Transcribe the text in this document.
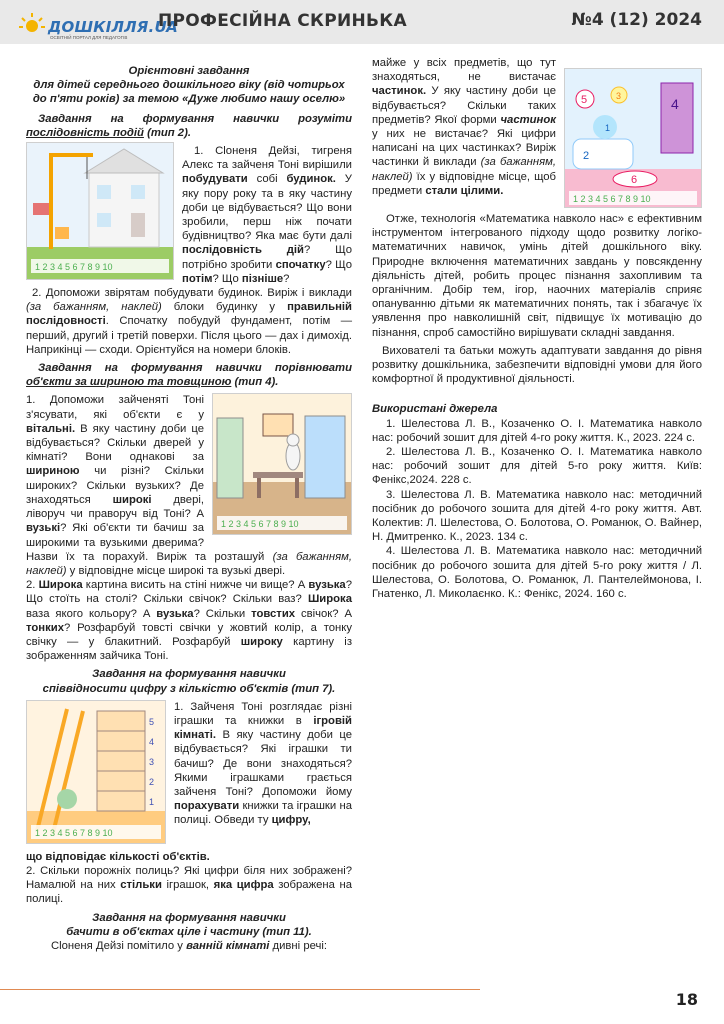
ДОШКІЛЛЯ.UA
ОСВІТНІЙ ПОРТАЛ ДЛЯ ПЕДАГОГІВ
ПРОФЕСІЙНА СКРИНЬКА	№4 (12) 2024
Орієнтовні завдання
для дітей середнього дошкільного віку (від чотирьох
до п'яти років) за темою «Дуже любимо нашу оселю»
Завдання на формування навички розуміти послідовність подій (тип 2).
1 2 3 4 5 6 7 8 9 10

1. Сloнeня Дейзі, тигреня Алекс та зайченя Тоні вирішили побудувати собі будинок. У яку пору року та в яку частину доби це відбувається? Що вони зробили, перш ніж почати будівництво? Яка має бути далі послідовність дій? Що потрібно зробити спочатку? Що потім? Що пізніше?

2. Допоможи звірятам побудувати будинок. Виріж і виклади (за бажанням, наклей) блоки будинку у правильній послідовності. Спочатку побудуй фундамент, потім — перший, другий і третій поверхи. Після цього — дах і димохід. Наприкінці — сходи. Орієнтуйся на номери блоків.

Завдання на формування навички порівнювати об'єкти за шириною та товщиною (тип 4).
1 2 3 4 5 6 7 8 9 10

1. Допоможи зайченяті Тоні з'ясувати, які об'єкти є у вітальні. В яку частину доби це відбувається? Скільки дверей у кімнаті? Вони однакові за шириною чи різні? Скільки широких? Скільки вузьких? Де знаходяться широкі двері, ліворуч чи праворуч від Тоні? А вузькі? Які об'єкти ти бачиш за широкими та вузькими дверима? Назви їх та порахуй. Виріж та розташуй (за бажанням, наклей) у відповідне місце широкі та вузькі двері.

2. Широка картина висить на стіні нижче чи вище? А вузька? Що стоїть на столі? Скільки свічок? Скільки ваз? Широка ваза якого кольору? А вузька? Скільки товстих свічок? А тонких? Розфарбуй товсті свічки у жовтий колір, а тонку свічку — у блакитний. Розфарбуй широку картину із зображенням зайчика Тоні.

Завдання на формування навички
співвідносити цифру з кількістю об'єктів (тип 7).
5
4
3
2
1
1 2 3 4 5 6 7 8 9 10

1. Зайченя Тоні розглядає різні іграшки та книжки в ігровій кімнаті. В яку частину доби це відбувається? Які іграшки ти бачиш? Де вони знаходяться? Якими іграшками грається зайченя Тоні? Допоможи йому порахувати книжки та іграшки на полиці. Обведи ту цифру,

що відповідає кількості об'єктів.

2. Скільки порожніх полиць? Які цифри біля них зображені? Намалюй на них стільки іграшок, яка цифра зображена на полиці.

Завдання на формування навички
бачити в об'єктах ціле і частину (тип 11).

Сloнeня Дейзі помітило у ванній кімнаті дивні речі:

5	3	4
2
6
1
1 2 3 4 5 6 7 8 9 10

майже у всіх предметів, що тут знаходяться, не вистачає частинок. У яку частину доби це відбувається? Скільки таких предметів? Якої форми частинок у них не вистачає? Які цифри написані на цих частинках? Виріж частинки й виклади (за бажанням, наклей) їх у відповідне місце, щоб предмети стали цілими.

Отже, технологія «Математика навколо нас» є ефективним інструментом інтегрованого підходу щодо розвитку логіко-математичних навичок, умінь дітей дошкільного віку. Природне включення математичних завдань у повсякденну діяльність дітей, робить процес пізнання захопливим та органічним. Добір тем, ігор, наочних матеріалів сприяє опануванню дітьми як математичних понять, так і збагачує їх уявлення про навколишній світ, підвищує їх мотивацію до пізнання, спроб самостійно вирішувати складні завдання.

Вихователі та батьки можуть адаптувати завдання до рівня розвитку дошкільника, забезпечити відповідні умови для його комфортної й продуктивної діяльності.

Використані джерела

1. Шелестова Л. В., Козаченко О. І. Математика навколо нас: робочий зошит для дітей 4-го року життя. К., 2023. 224 с.

2. Шелестова Л. В., Козаченко О. І. Математика навколо нас: робочий зошит для дітей 5-го року життя. Київ: Фенікс,2024. 228 с.

3. Шелестова Л. В. Математика навколо нас: методичний посібник до робочого зошита для дітей 4-го року життя. Авт. Колектив: Л. Шелестова, О. Болотова, О. Романюк, О. Вайнер, Н. Дмитренко. К., 2023. 134 с.

4. Шелестова Л. В. Математика навколо нас: методичний посібник до робочого зошита для дітей 5-го року життя / Л. Шелестова, О. Болотова, О. Романюк, Л. Пантелеймонова, І. Гнатенко, Л. Миколаєнко. К.: Фенікс, 2024. 160 с.

18
